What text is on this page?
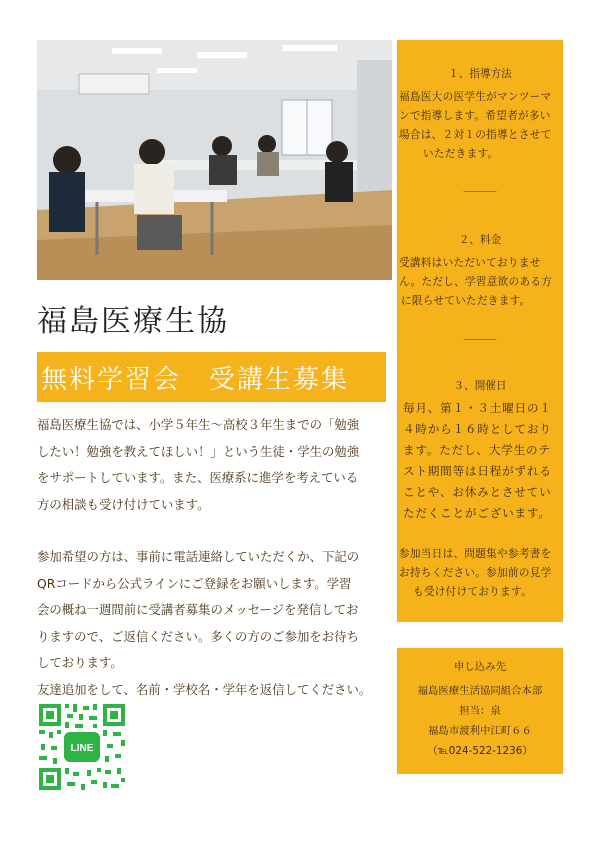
福島医療生協
無料学習会　受講生募集

福島医療生協では、小学５年生～高校３年生までの「勉強

したい！勉強を教えてほしい！」という生徒・学生の勉強

をサポートしています。また、医療系に進学を考えている

方の相談も受け付けています。

参加希望の方は、事前に電話連絡していただくか、下記の

QRコードから公式ラインにご登録をお願いします。学習

会の概ね一週間前に受講者募集のメッセージを発信してお

りますので、ご返信ください。多くの方のご参加をお待ち

しております。

友達追加をして、名前・学校名・学年を返信してください。

LINE
１、指導方法
福島医大の医学生がマンツーマ
ンで指導します。希望者が多い
場合は、２対１の指導とさせて
いただきます。
＿＿＿
２、料金
受講料はいただいておりませ
ん。ただし、学習意欲のある方
に限らせていただきます。
＿＿＿
３、開催日
毎月、第１・３土曜日の１
４時から１６時としており
ます。ただし、大学生のテ
スト期間等は日程がずれる
ことや、お休みとさせてい
ただくことがございます。
参加当日は、問題集や参考書を
お持ちください。参加前の見学
も受け付けております。
申し込み先
福島医療生活協同組合本部
担当：泉
福島市渡利中江町６６
（℡024-522-1236）
